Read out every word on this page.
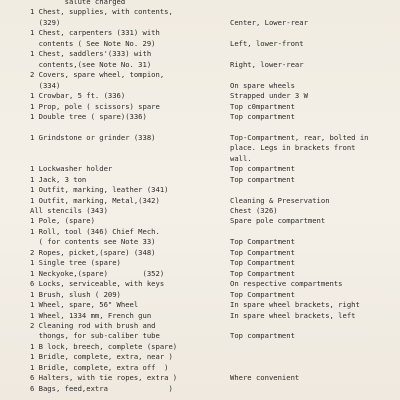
salute charged
1 Chest, supplies, with contents,
(329)	Center, Lower-rear
1 Chest, carpenters (331) with
contents ( See Note No. 29)	Left, lower-front
1 Chest, saddlers'(333) with
contents,(see Note No. 31)	Right, lower-rear
2 Covers, spare wheel, tompion,
(334)	On spare wheels
1 Crowbar, 5 ft. (336)	Strapped under 3 W
1 Prop, pole ( scissors) spare	Top c0mpartment
1 Double tree ( spare)(336)	Top compartment
1 Grindstone or grinder (338)	Top-Compartment, rear, bolted in
place. Legs in brackets front
wall.
1 Lockwasher holder	Top compartment
1 Jack, 3 ton	Top compartment
1 Outfit, marking, leather (341)
1 Outfit, marking, Metal,(342)	Cleaning & Preservation
All stencils (343)	Chest (326)
1 Pole, (spare)	Spare pole compartment
1 Roll, tool (346) Chief Mech.
( for contents see Note 33)	Top Compartment
2 Ropes, picket,(spare) (348)	Top Compartment
1 Single tree (spare)	Top Compartment
1 Neckyoke,(spare)        (352)	Top Compartment
6 Locks, serviceable, with keys	On respective compartments
1 Brush, slush ( 209)	Top Compartment
1 Wheel, spare, 56" Wheel	In spare wheel brackets, right
1 Wheel, 1334 mm, French gun	In spare wheel brackets, left
2 Cleaning rod with brush and
thongs, for sub-caliber tube	Top compartment
1 B lock, breech, complete (spare)
1 Bridle, complete, extra, near )
1 Bridle, complete, extra off  )
6 Halters, with tie ropes, extra )	Where convenient
6 Bags, feed,extra              )
